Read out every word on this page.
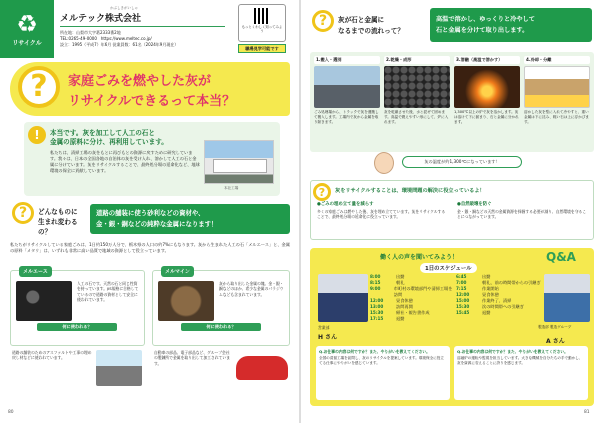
♻
リサイクル
かぶしきがいしゃ
メルテック株式会社
所在地：山梨市大字葛2333番2地
TEL:0265-49-0000　https://www.meltec.co.jp/
設立：1995（平成7）年6月 従業員数：61名（2024年9月現在）
もっとくわしく知ってみよう
職場見学可能です
?	家庭ごみを燃やした灰が
リサイクルできるって本当？
!	本当です。灰を加工して人工の石と
金属の原料に分け、再利用しています。
私たちは、清掃工場の灰をもとに再びもとの資源に戻すために研究しています。我々は、日本の全国各地の自治体の灰を受け入れ、溶かして人工の石と金属に分けています。灰をリサイクルすることで、最終処分場の延命化など、地球環境の保全に貢献しています。
本社工場
?	どんなものに
生まれ変わるの？
道路の舗装に使う砂利などの資材や、
金・銀・銅などの純粋な金属になります！
私たちがリサイクルしている家庭ごみは、1日約150万人分で、栃木県の人口の約7%にもなります。灰から生まれた人工の石「メルエース」と、金属の原料「メタリ」は、いずれも非常に高い品質で地域の資源として役立っています。
メルエース
人工の石です。天然の石と同じ性質を持っています。JIS規格に合格してているので道路の資材として安全に使われています。
何に使われる？
道路の舗装のためのアスファルトや工事の埋め戻し材などに使われています。
メルマイン
灰から取り出した金属の塊。金・銀・銅などのほか、希少な金属のパラジウムなども含まれています。
何に使われる？
自動車の部品、電子部品など、グループ会社の製錬所で金属を取り出して加工されています。
80
?	灰が石と金属に
なるまでの流れって？
高温で溶かし、ゆっくりと冷やして
石と金属を分けて取り出します。
1.搬入・選別
ごみ処理場から、トラックで灰を運搬して搬入します。工場内で灰から金属を取り除きます。
2.乾燥・成形
灰を乾燥させた後、水と混ぜて固めます。高温で燃えやすい形にして、炉に入れます。
3.溶融（高温で溶かす）
1,300℃以上の炉で灰を溶かします。灰は溶けて下に溜まり、石と金属に分かれます。
4.冷却・分離
溶かした灰を型に入れて冷やすと、重い金属は下に沈み、軽い石は上に浮かびます。
灰の温度が約1,300℃になっています！
?	灰をリサイクルすることは、環境問題の解決に役立っているよ！
●ごみの埋め立て量を減らす
多くの家庭ごみは燃やした後、灰を埋め立てています。灰をリサイクルすることで、最終処分場の延命化に役立っています。
●自然破壊を防ぐ
金・銀・銅などの天然の金属資源を採掘する必要が減り、自然環境を守ることにつながっています。
働く人の声を聞いてみよう！	Q&A
1日のスケジュール
営業部
H さん
8:00	出勤
8:15	朝礼
9:00	市町村の環境部門や清掃工場を訪問
12:00	昼食休憩
13:00	訪問再開
15:30	帰社・報告書作成
17:15	退勤
6:45	出勤
7:00	朝礼、前の時間帯からの引継ぎ
7:15	作業開始
12:00	昼食休憩
15:00	作業終了、清掃
15:30	次の時間帯への引継ぎ
15:45	退勤
製造部 製造グループ
A さん
Q.お仕事の内容は何ですか？また、やりがいを教えてください。
全国の清掃工場を訪問し、灰のリサイクルを提案しています。環境保全に役立てる仕事にやりがいを感じています。
Q.お仕事の内容は何ですか？また、やりがいを教えてください。
溶融炉の運転や監視を担当しています。大きな機械を自分たちの手で動かし、灰を資源に変えることに誇りを感じます。
81
